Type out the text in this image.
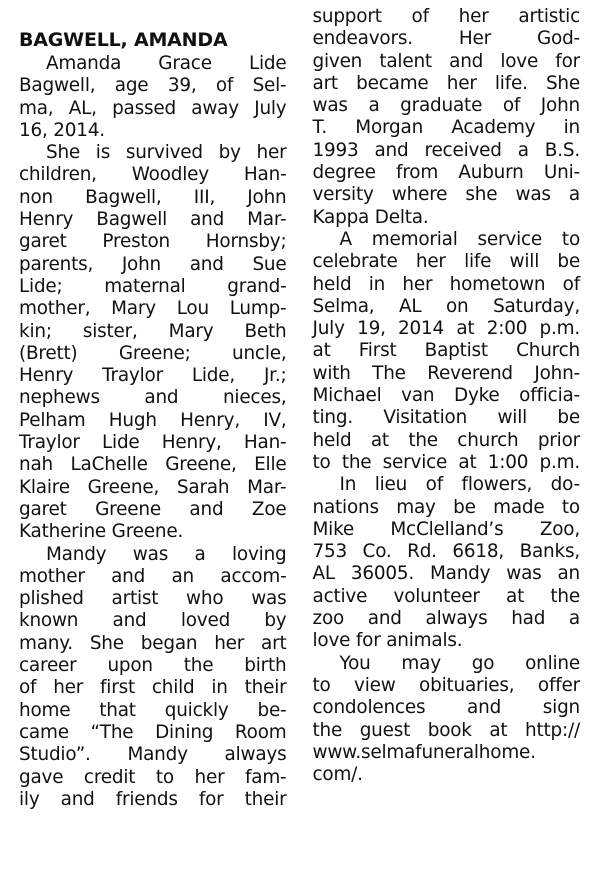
BAGWELL, AMANDA
Amanda Grace Lide
Bagwell, age 39, of Sel-
ma, AL, passed away July
16, 2014.
She is survived by her
children, Woodley Han-
non Bagwell, III, John
Henry Bagwell and Mar-
garet Preston Hornsby;
parents, John and Sue
Lide; maternal grand-
mother, Mary Lou Lump-
kin; sister, Mary Beth
(Brett) Greene; uncle,
Henry Traylor Lide, Jr.;
nephews and nieces,
Pelham Hugh Henry, IV,
Traylor Lide Henry, Han-
nah LaChelle Greene, Elle
Klaire Greene, Sarah Mar-
garet Greene and Zoe
Katherine Greene.
Mandy was a loving
mother and an accom-
plished artist who was
known and loved by
many. She began her art
career upon the birth
of her first child in their
home that quickly be-
came “The Dining Room
Studio”. Mandy always
gave credit to her fam-
ily and friends for their
support of her artistic
endeavors. Her God-
given talent and love for
art became her life. She
was a graduate of John
T. Morgan Academy in
1993 and received a B.S.
degree from Auburn Uni-
versity where she was a
Kappa Delta.
A memorial service to
celebrate her life will be
held in her hometown of
Selma, AL on Saturday,
July 19, 2014 at 2:00 p.m.
at First Baptist Church
with The Reverend John-
Michael van Dyke officia-
ting. Visitation will be
held at the church prior
to the service at 1:00 p.m.
In lieu of flowers, do-
nations may be made to
Mike McClelland’s Zoo,
753 Co. Rd. 6618, Banks,
AL 36005. Mandy was an
active volunteer at the
zoo and always had a
love for animals.
You may go online
to view obituaries, offer
condolences and sign
the guest book at http://
www.selmafuneralhome.
com/.
